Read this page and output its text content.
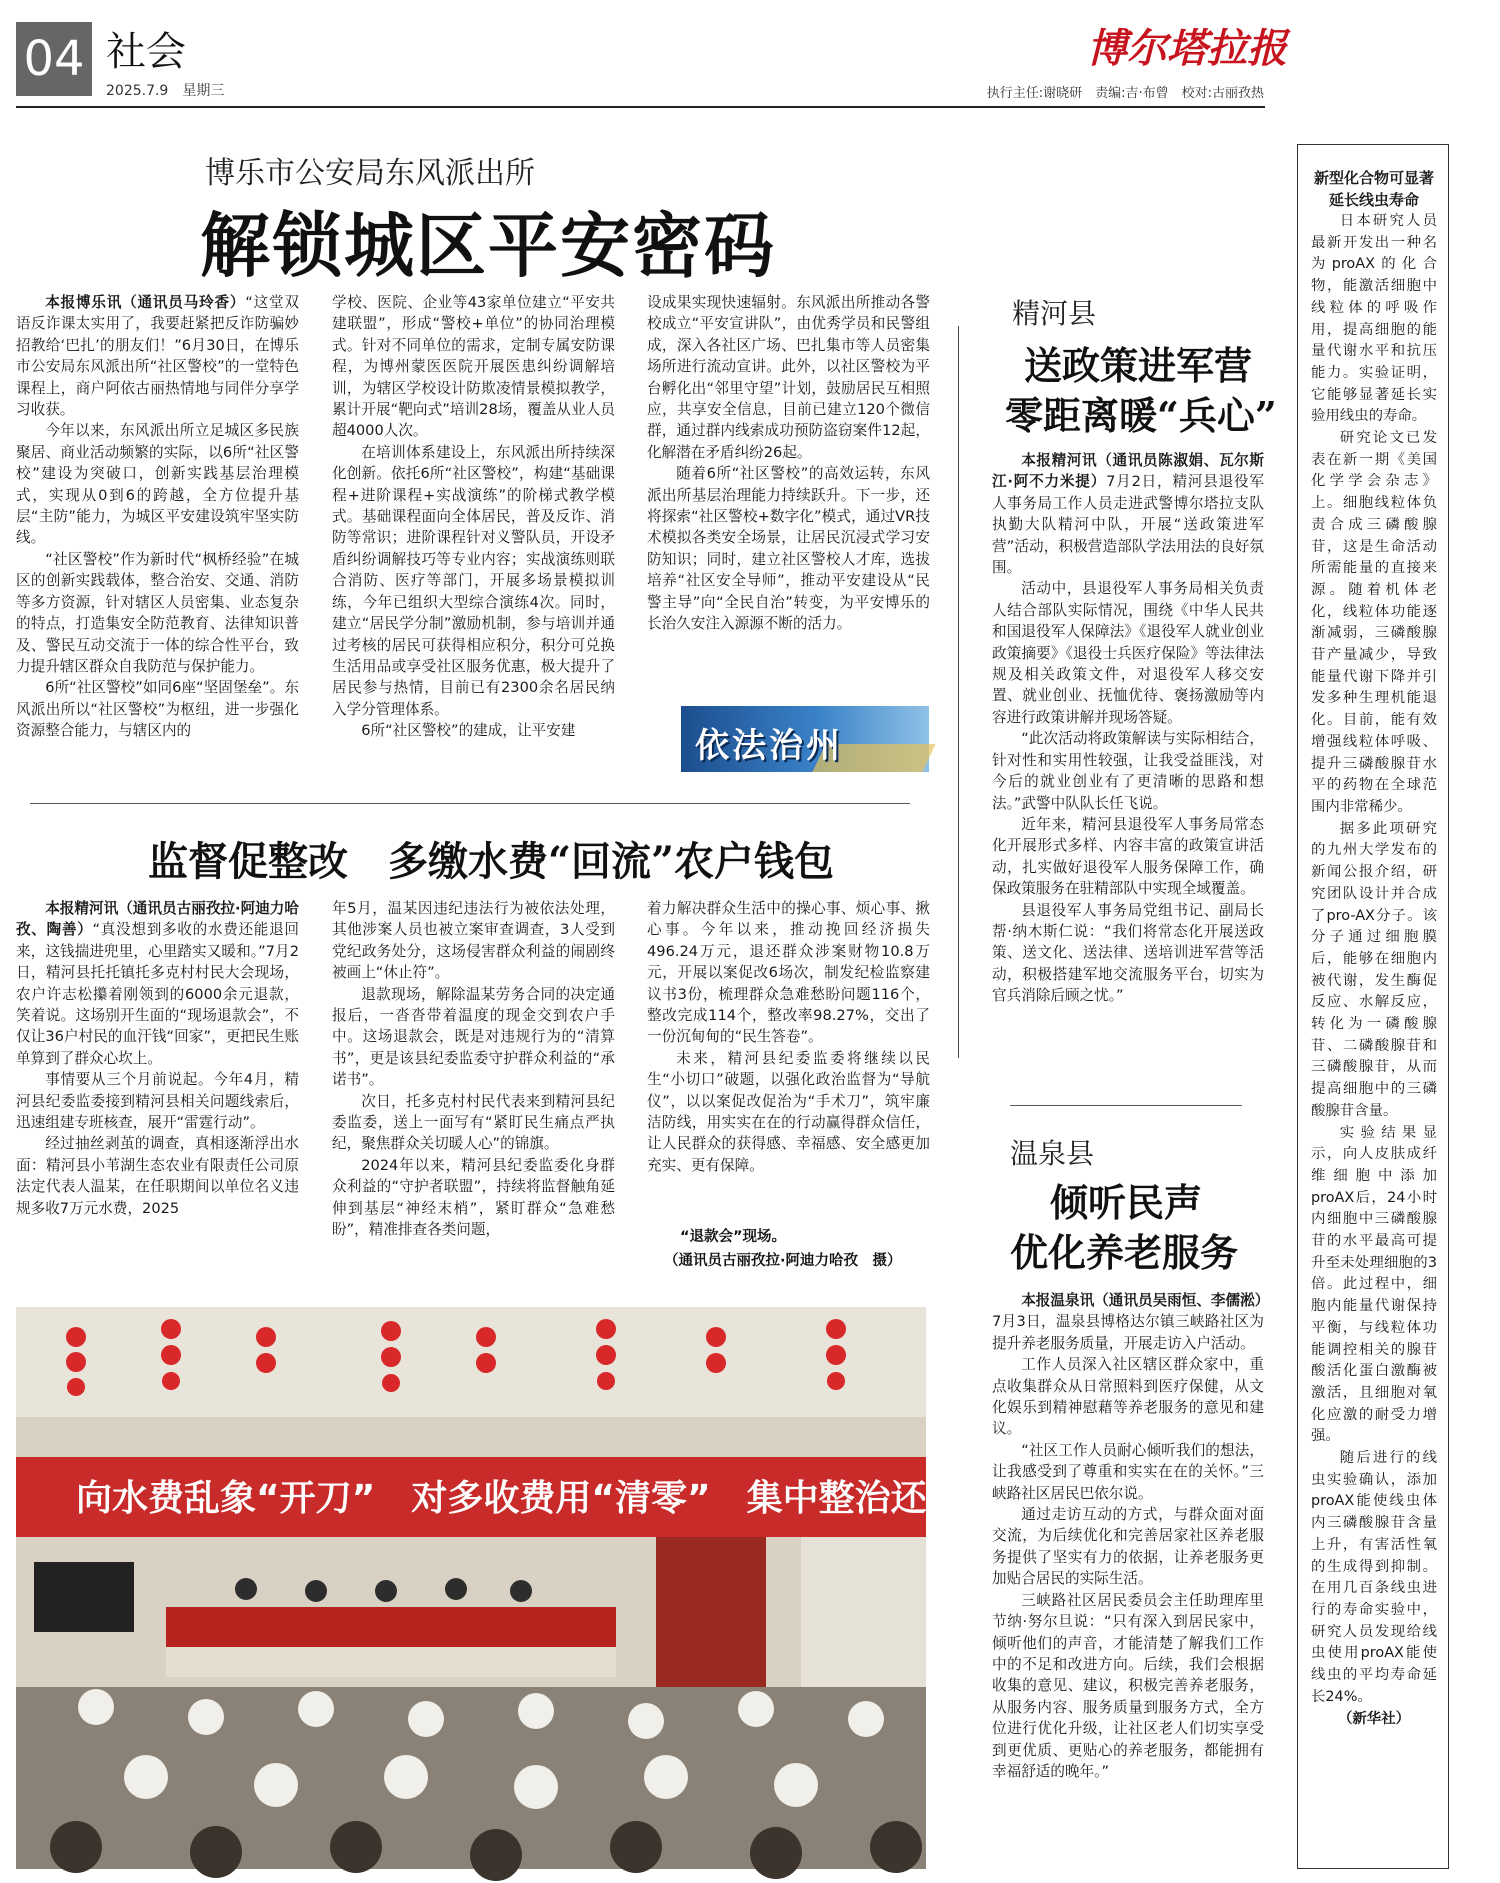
04 社会
2025.7.9　 星期三
博尔塔拉报
执行主任:谢晓研　责编:吉·布曾　校对:古丽孜热
博乐市公安局东风派出所
解锁城区平安密码

本报博乐讯（通讯员马玲香）“这堂双语反诈课太实用了，我要赶紧把反诈防骗妙招教给‘巴扎’的朋友们！”6月30日，在博乐市公安局东风派出所“社区警校”的一堂特色课程上，商户阿依古丽热情地与同伴分享学习收获。

今年以来，东风派出所立足城区多民族聚居、商业活动频繁的实际，以6所“社区警校”建设为突破口，创新实践基层治理模式，实现从0到6的跨越，全方位提升基层“主防”能力，为城区平安建设筑牢坚实防线。

“社区警校”作为新时代“枫桥经验”在城区的创新实践载体，整合治安、交通、消防等多方资源，针对辖区人员密集、业态复杂的特点，打造集安全防范教育、法律知识普及、警民互动交流于一体的综合性平台，致力提升辖区群众自我防范与保护能力。

6所“社区警校”如同6座“坚固堡垒”。东风派出所以“社区警校”为枢纽，进一步强化资源整合能力，与辖区内的

学校、医院、企业等43家单位建立“平安共建联盟”，形成“警校+单位”的协同治理模式。针对不同单位的需求，定制专属安防课程，为博州蒙医医院开展医患纠纷调解培训，为辖区学校设计防欺凌情景模拟教学，累计开展“靶向式”培训28场，覆盖从业人员超4000人次。

在培训体系建设上，东风派出所持续深化创新。依托6所“社区警校”，构建“基础课程+进阶课程+实战演练”的阶梯式教学模式。基础课程面向全体居民，普及反诈、消防等常识；进阶课程针对义警队员，开设矛盾纠纷调解技巧等专业内容；实战演练则联合消防、医疗等部门，开展多场景模拟训练，今年已组织大型综合演练4次。同时，建立“居民学分制”激励机制，参与培训并通过考核的居民可获得相应积分，积分可兑换生活用品或享受社区服务优惠，极大提升了居民参与热情，目前已有2300余名居民纳入学分管理体系。

6所“社区警校”的建成，让平安建

设成果实现快速辐射。东风派出所推动各警校成立“平安宣讲队”，由优秀学员和民警组成，深入各社区广场、巴扎集市等人员密集场所进行流动宣讲。此外，以社区警校为平台孵化出“邻里守望”计划，鼓励居民互相照应，共享安全信息，目前已建立120个微信群，通过群内线索成功预防盗窃案件12起，化解潜在矛盾纠纷26起。

随着6所“社区警校”的高效运转，东风派出所基层治理能力持续跃升。下一步，还将探索“社区警校+数字化”模式，通过VR技术模拟各类安全场景，让居民沉浸式学习安防知识；同时，建立社区警校人才库，选拔培养“社区安全导师”，推动平安建设从“民警主导”向“全民自治”转变，为平安博乐的长治久安注入源源不断的活力。

依法治州
监督促整改　多缴水费“回流”农户钱包

本报精河讯（通讯员古丽孜拉·阿迪力哈孜、陶善）“真没想到多收的水费还能退回来，这钱揣进兜里，心里踏实又暖和。”7月2日，精河县托托镇托多克村村民大会现场，农户许志松攥着刚领到的6000余元退款，笑着说。这场别开生面的“现场退款会”，不仅让36户村民的血汗钱“回家”，更把民生账单算到了群众心坎上。

事情要从三个月前说起。今年4月，精河县纪委监委接到精河县相关问题线索后，迅速组建专班核查，展开“雷霆行动”。

经过抽丝剥茧的调查，真相逐渐浮出水面：精河县小苇湖生态农业有限责任公司原法定代表人温某，在任职期间以单位名义违规多收7万元水费，2025

年5月，温某因违纪违法行为被依法处理，其他涉案人员也被立案审查调查，3人受到党纪政务处分，这场侵害群众利益的闹剧终被画上“休止符”。

退款现场，解除温某劳务合同的决定通报后，一沓沓带着温度的现金交到农户手中。这场退款会，既是对违规行为的“清算书”，更是该县纪委监委守护群众利益的“承诺书”。

次日，托多克村村民代表来到精河县纪委监委，送上一面写有“紧盯民生痛点严执纪，聚焦群众关切暖人心”的锦旗。

2024年以来，精河县纪委监委化身群众利益的“守护者联盟”，持续将监督触角延伸到基层“神经末梢”，紧盯群众“急难愁盼”，精准排查各类问题，

着力解决群众生活中的操心事、烦心事、揪心事。今年以来，推动挽回经济损失496.24万元，退还群众涉案财物10.8万元，开展以案促改6场次，制发纪检监察建议书3份，梳理群众急难愁盼问题116个，整改完成114个，整改率98.27%，交出了一份沉甸甸的“民生答卷”。

未来，精河县纪委监委将继续以民生“小切口”破题，以强化政治监督为“导航仪”，以以案促改促治为“手术刀”，筑牢廉洁防线，用实实在在的行动赢得群众信任，让人民群众的获得感、幸福感、安全感更加充实、更有保障。

“退款会”现场。
（通讯员古丽孜拉·阿迪力哈孜　摄）
向水费乱象“开刀”　对多收费用“清零”　集中整治还利于民
精河县
送政策进军营
零距离暖“兵心”

本报精河讯（通讯员陈淑娟、瓦尔斯江·阿不力米提）7月2日，精河县退役军人事务局工作人员走进武警博尔塔拉支队执勤大队精河中队，开展“送政策进军营”活动，积极营造部队学法用法的良好氛围。

活动中，县退役军人事务局相关负责人结合部队实际情况，围绕《中华人民共和国退役军人保障法》《退役军人就业创业政策摘要》《退役士兵医疗保险》等法律法规及相关政策文件，对退役军人移交安置、就业创业、抚恤优待、褒扬激励等内容进行政策讲解并现场答疑。

“此次活动将政策解读与实际相结合，针对性和实用性较强，让我受益匪浅，对今后的就业创业有了更清晰的思路和想法。”武警中队队长任飞说。

近年来，精河县退役军人事务局常态化开展形式多样、内容丰富的政策宣讲活动，扎实做好退役军人服务保障工作，确保政策服务在驻精部队中实现全域覆盖。

县退役军人事务局党组书记、副局长帮·纳木斯仁说：“我们将常态化开展送政策、送文化、送法律、送培训进军营等活动，积极搭建军地交流服务平台，切实为官兵消除后顾之忧。”

温泉县
倾听民声
优化养老服务

本报温泉讯（通讯员吴雨恒、李儒淞）7月3日，温泉县博格达尔镇三峡路社区为提升养老服务质量，开展走访入户活动。

工作人员深入社区辖区群众家中，重点收集群众从日常照料到医疗保健，从文化娱乐到精神慰藉等养老服务的意见和建议。

“社区工作人员耐心倾听我们的想法，让我感受到了尊重和实实在在的关怀。”三峡路社区居民巴依尔说。

通过走访互动的方式，与群众面对面交流，为后续优化和完善居家社区养老服务提供了坚实有力的依据，让养老服务更加贴合居民的实际生活。

三峡路社区居民委员会主任助理库里节纳·努尔旦说：“只有深入到居民家中，倾听他们的声音，才能清楚了解我们工作中的不足和改进方向。后续，我们会根据收集的意见、建议，积极完善养老服务，从服务内容、服务质量到服务方式，全方位进行优化升级，让社区老人们切实享受到更优质、更贴心的养老服务，都能拥有幸福舒适的晚年。”

新型化合物可显著延长线虫寿命

日本研究人员最新开发出一种名为proAX的化合物，能激活细胞中线粒体的呼吸作用，提高细胞的能量代谢水平和抗压能力。实验证明，它能够显著延长实验用线虫的寿命。

研究论文已发表在新一期《美国化学学会杂志》上。细胞线粒体负责合成三磷酸腺苷，这是生命活动所需能量的直接来源。随着机体老化，线粒体功能逐渐减弱，三磷酸腺苷产量减少，导致能量代谢下降并引发多种生理机能退化。目前，能有效增强线粒体呼吸、提升三磷酸腺苷水平的药物在全球范围内非常稀少。

据多此项研究的九州大学发布的新闻公报介绍，研究团队设计并合成了pro-AX分子。该分子通过细胞膜后，能够在细胞内被代谢，发生酶促反应、水解反应，转化为一磷酸腺苷、二磷酸腺苷和三磷酸腺苷，从而提高细胞中的三磷酸腺苷含量。

实验结果显示，向人皮肤成纤维细胞中添加proAX后，24小时内细胞中三磷酸腺苷的水平最高可提升至未处理细胞的3倍。此过程中，细胞内能量代谢保持平衡，与线粒体功能调控相关的腺苷酸活化蛋白激酶被激活，且细胞对氧化应激的耐受力增强。

随后进行的线虫实验确认，添加proAX能使线虫体内三磷酸腺苷含量上升，有害活性氧的生成得到抑制。在用几百条线虫进行的寿命实验中，研究人员发现给线虫使用proAX能使线虫的平均寿命延长24%。

（新华社）
